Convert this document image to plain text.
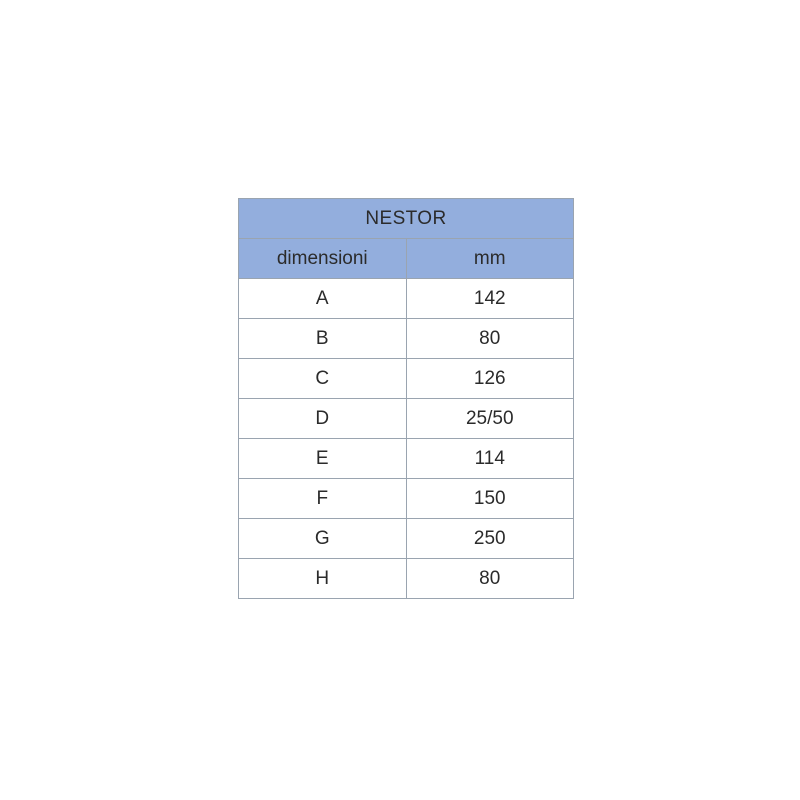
NESTOR	
dimensioni	mm
A	142
B	80
C	126
D	25/50
E	114
F	150
G	250
H	80
